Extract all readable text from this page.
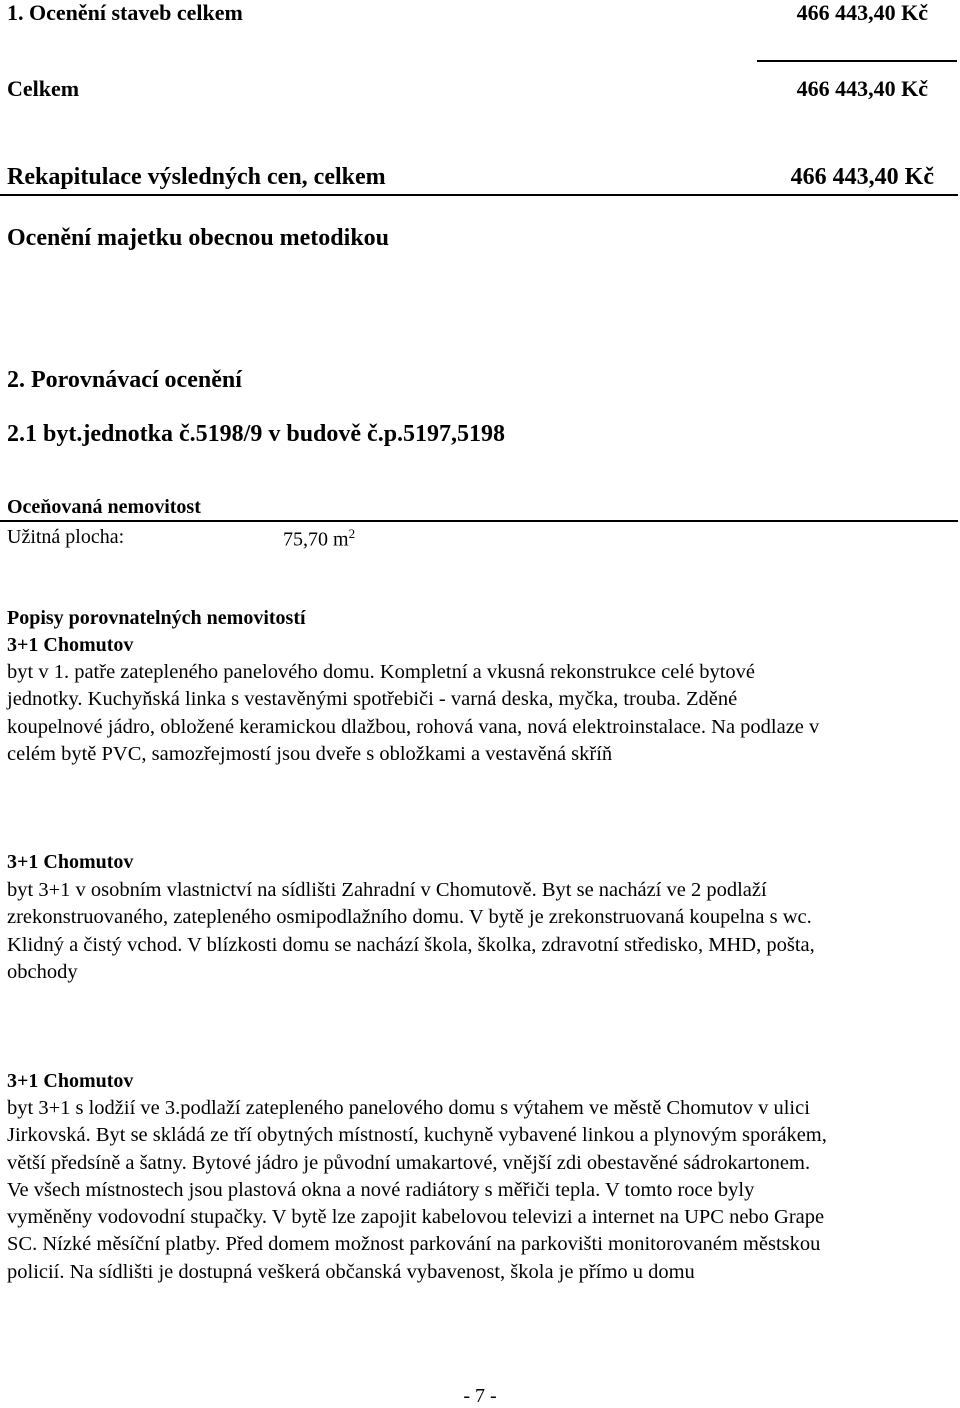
1. Ocenění staveb celkem	466 443,40 Kč
Celkem	466 443,40 Kč
Rekapitulace výsledných cen, celkem	466 443,40 Kč
Ocenění majetku obecnou metodikou
2. Porovnávací ocenění
2.1 byt.jednotka č.5198/9 v budově č.p.5197,5198
Oceňovaná nemovitost
Užitná plocha:	75,70 $m^2$
Popisy porovnatelných nemovitostí
3+1 Chomutov

byt v 1. patře zatepleného panelového domu. Kompletní a vkusná rekonstrukce celé bytové

jednotky. Kuchyňská linka s vestavěnými spotřebiči - varná deska, myčka, trouba. Zděné

koupelnové jádro, obložené keramickou dlažbou, rohová vana, nová elektroinstalace. Na podlaze v

celém bytě PVC, samozřejmostí jsou dveře s obložkami a vestavěná skříň

3+1 Chomutov

byt 3+1 v osobním vlastnictví na sídlišti Zahradní v Chomutově. Byt se nachází ve 2 podlaží

zrekonstruovaného, zatepleného osmipodlažního domu. V bytě je zrekonstruovaná koupelna s wc.

Klidný a čistý vchod. V blízkosti domu se nachází škola, školka, zdravotní středisko, MHD, pošta,

obchody

3+1 Chomutov

byt 3+1 s lodžií ve 3.podlaží zatepleného panelového domu s výtahem ve městě Chomutov v ulici

Jirkovská. Byt se skládá ze tří obytných místností, kuchyně vybavené linkou a plynovým sporákem,

větší předsíně a šatny. Bytové jádro je původní umakartové, vnější zdi obestavěné sádrokartonem.

Ve všech místnostech jsou plastová okna a nové radiátory s měřiči tepla. V tomto roce byly

vyměněny vodovodní stupačky. V bytě lze zapojit kabelovou televizi a internet na UPC nebo Grape

SC. Nízké měsíční platby. Před domem možnost parkování na parkovišti monitorovaném městskou

policií. Na sídlišti je dostupná veškerá občanská vybavenost, škola je přímo u domu

- 7 -
